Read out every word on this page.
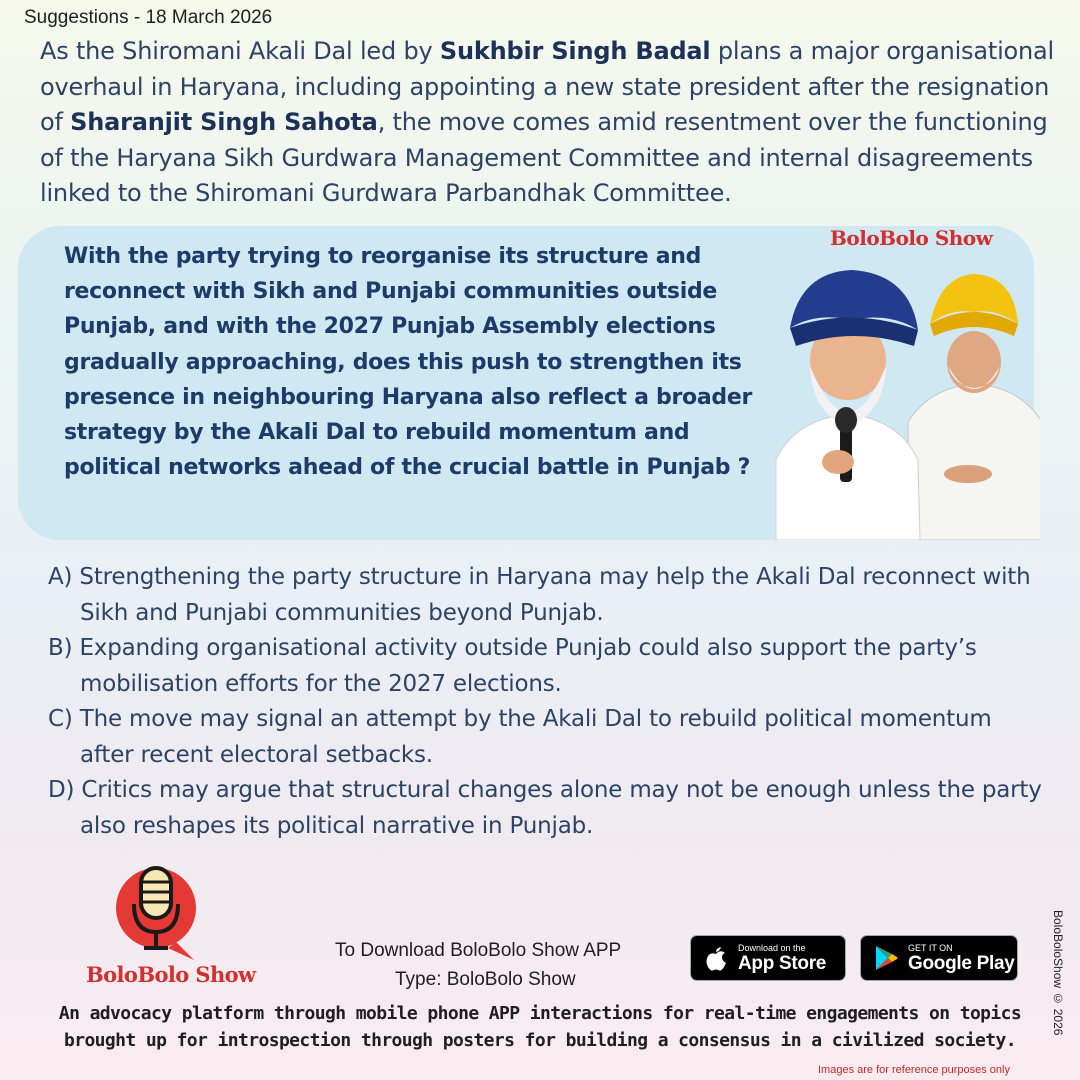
Suggestions - 18 March 2026
As the Shiromani Akali Dal led by Sukhbir Singh Badal plans a major organisational overhaul in Haryana, including appointing a new state president after the resignation of Sharanjit Singh Sahota, the move comes amid resentment over the functioning of the Haryana Sikh Gurdwara Management Committee and internal disagreements linked to the Shiromani Gurdwara Parbandhak Committee.
With the party trying to reorganise its structure and reconnect with Sikh and Punjabi communities outside Punjab, and with the 2027 Punjab Assembly elections gradually approaching, does this push to strengthen its presence in neighbouring Haryana also reflect a broader strategy by the Akali Dal to rebuild momentum and political networks ahead of the crucial battle in Punjab ?
BoloBolo Show
A) Strengthening the party structure in Haryana may help the Akali Dal reconnect with Sikh and Punjabi communities beyond Punjab.
B) Expanding organisational activity outside Punjab could also support the party’s mobilisation efforts for the 2027 elections.
C) The move may signal an attempt by the Akali Dal to rebuild political momentum after recent electoral setbacks.
D) Critics may argue that structural changes alone may not be enough unless the party also reshapes its political narrative in Punjab.
BoloBolo Show
To Download BoloBolo Show APP
Type: BoloBolo Show
Download on the
App Store
GET IT ON
Google Play
An advocacy platform through mobile phone APP interactions for real-time engagements on topics brought up for introspection through posters for building a consensus in a civilized society.
BoloBoloShow © 2026
Images are for reference purposes only
